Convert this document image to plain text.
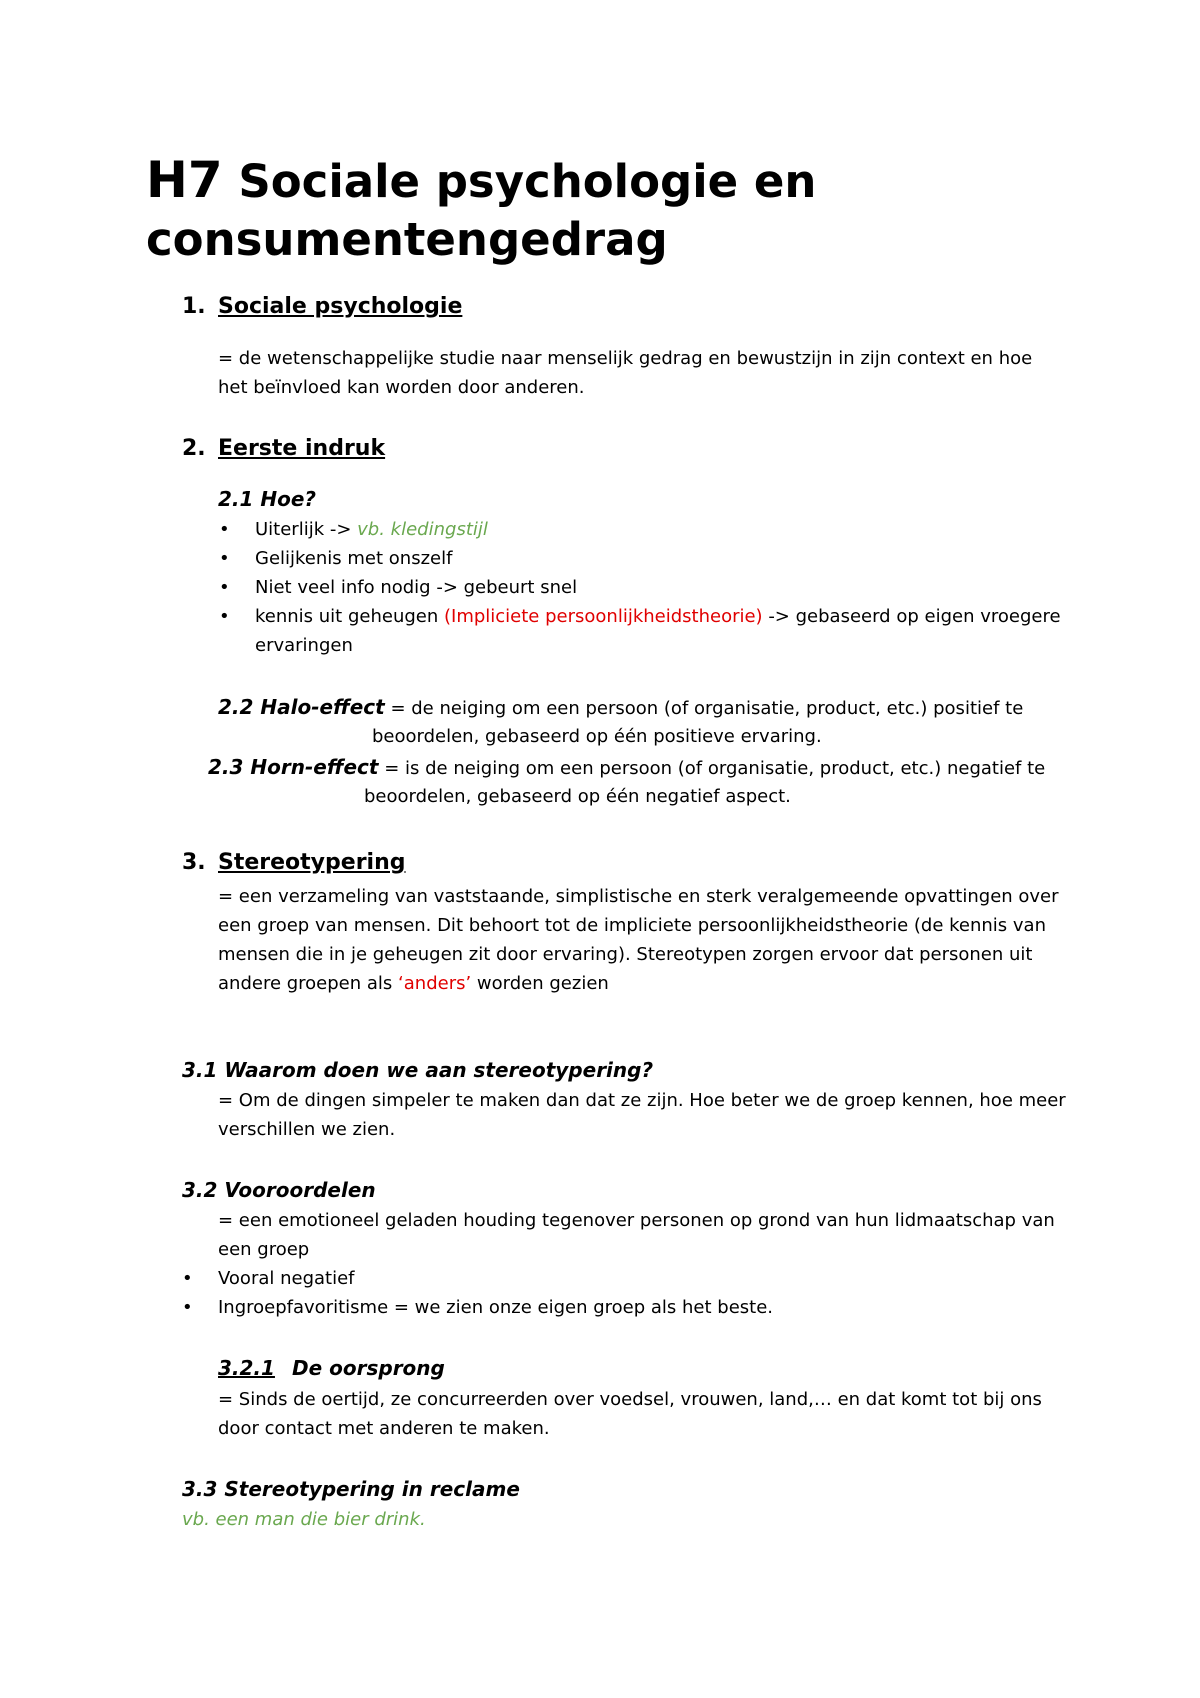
H7 Sociale psychologie en
consumentengedrag
1. Sociale psychologie
= de wetenschappelijke studie naar menselijk gedrag en bewustzijn in zijn context en hoe
het beïnvloed kan worden door anderen.
2. Eerste indruk
2.1 Hoe?
• Uiterlijk -> vb. kledingstijl
• Gelijkenis met onszelf
• Niet veel info nodig -> gebeurt snel
• kennis uit geheugen (Impliciete persoonlijkheidstheorie) -> gebaseerd op eigen vroegere
ervaringen
2.2 Halo-effect = de neiging om een persoon (of organisatie, product, etc.) positief te
beoordelen, gebaseerd op één positieve ervaring.
2.3 Horn-effect = is de neiging om een persoon (of organisatie, product, etc.) negatief te
beoordelen, gebaseerd op één negatief aspect.
3. Stereotypering
= een verzameling van vaststaande, simplistische en sterk veralgemeende opvattingen over
een groep van mensen. Dit behoort tot de impliciete persoonlijkheidstheorie (de kennis van
mensen die in je geheugen zit door ervaring). Stereotypen zorgen ervoor dat personen uit
andere groepen als ‘anders’ worden gezien
3.1 Waarom doen we aan stereotypering?
= Om de dingen simpeler te maken dan dat ze zijn. Hoe beter we de groep kennen, hoe meer
verschillen we zien.
3.2 Vooroordelen
= een emotioneel geladen houding tegenover personen op grond van hun lidmaatschap van
een groep
• Vooral negatief
• Ingroepfavoritisme = we zien onze eigen groep als het beste.
3.2.1 De oorsprong
= Sinds de oertijd, ze concurreerden over voedsel, vrouwen, land,… en dat komt tot bij ons
door contact met anderen te maken.
3.3 Stereotypering in reclame
vb. een man die bier drink.
